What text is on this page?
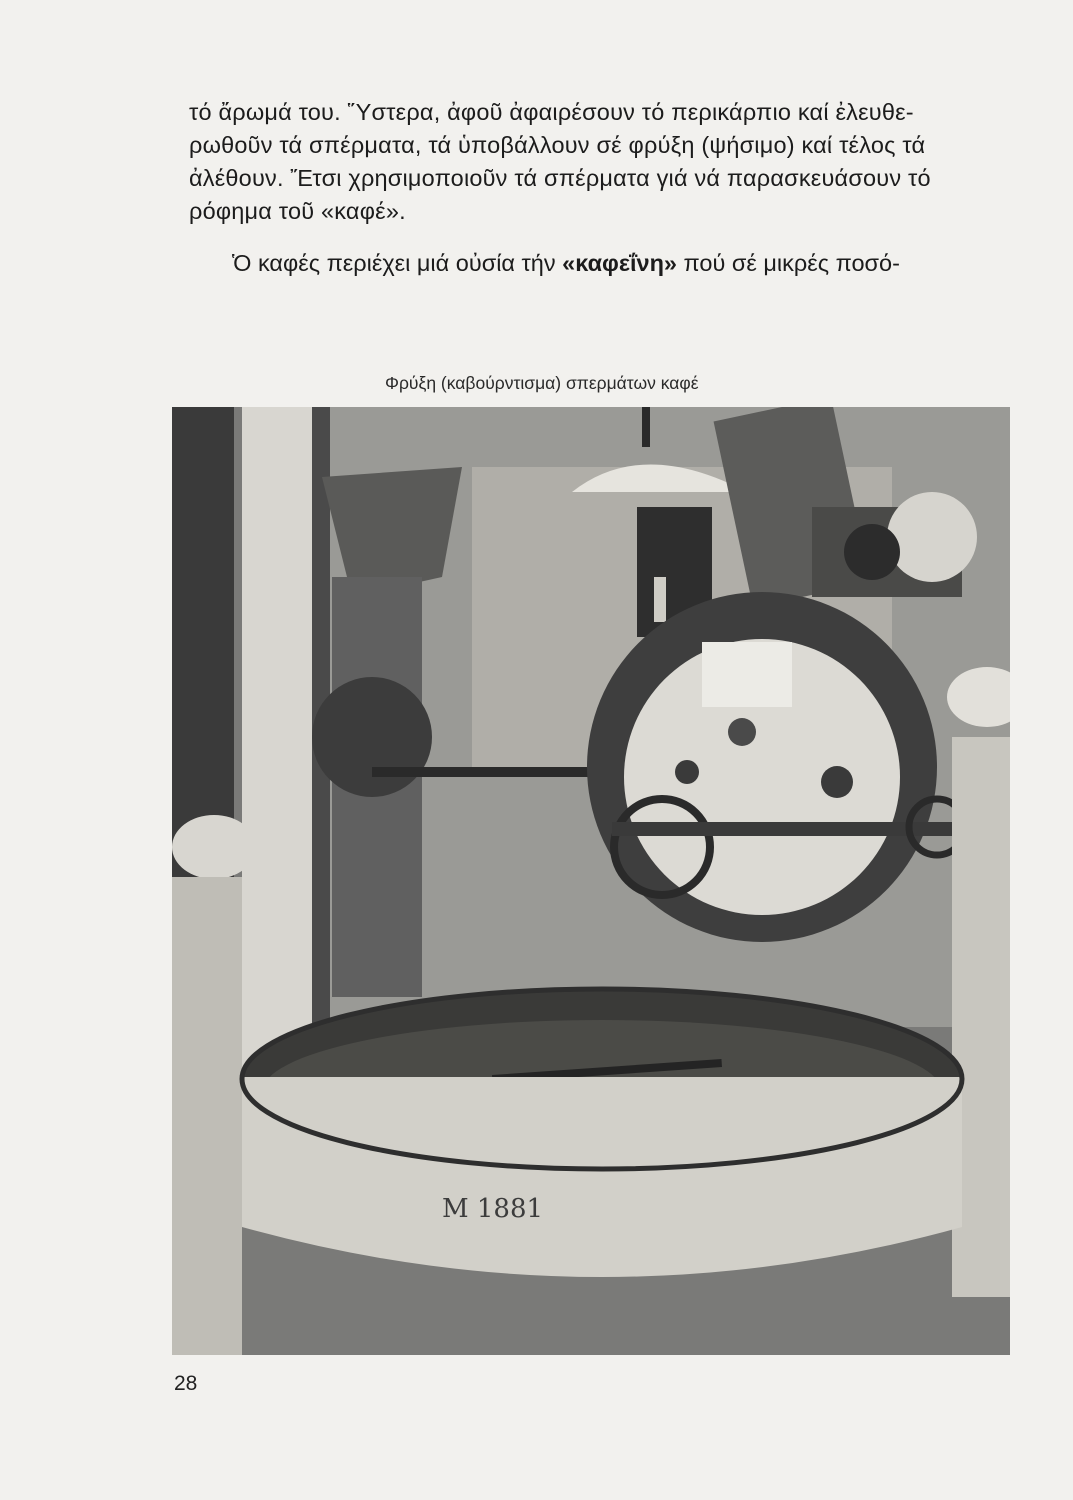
τό ἄρωμά του. Ὕστερα, ἀφοῦ ἀφαιρέσουν τό περικάρπιο καί ἐλευθε-
ρωθοῦν τά σπέρματα, τά ὑποβάλλουν σέ φρύξη (ψήσιμο) καί τέλος τά
ἀλέθουν. Ἔτσι χρησιμοποιοῦν τά σπέρματα γιά νά παρασκευάσουν τό
ρόφημα τοῦ «καφέ».
Ὁ καφές περιέχει μιά οὐσία τήν «καφεΐνη» πού σέ μικρές ποσό-
Φρύξη (καβούρντισμα) σπερμάτων καφέ
M 1881
28
